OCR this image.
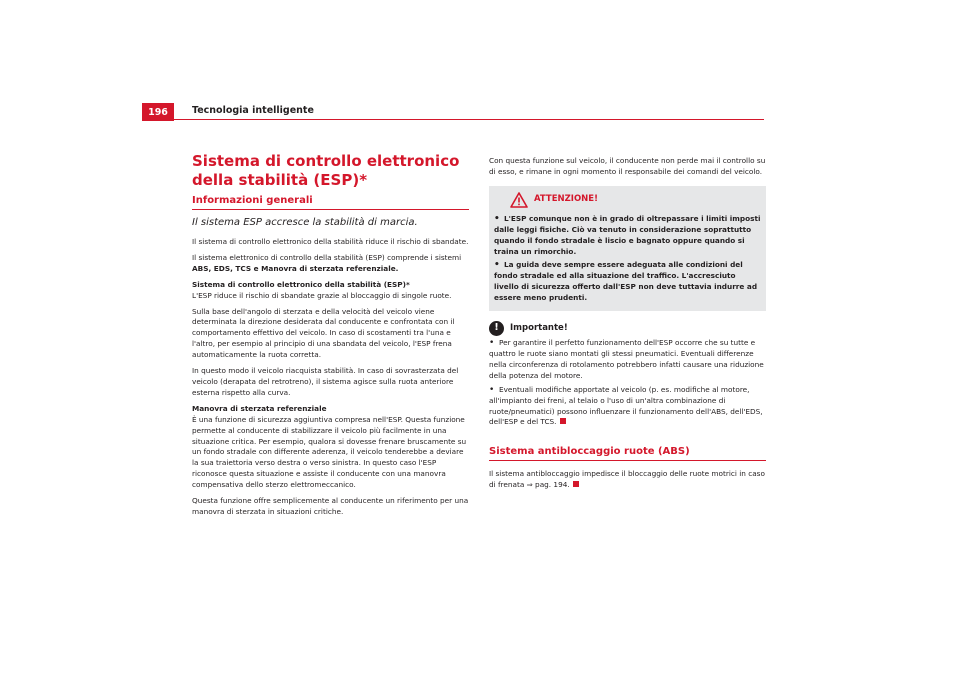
196	Tecnologia intelligente
Sistema di controllo elettronico della stabilità (ESP)*
Informazioni generali
Il sistema ESP accresce la stabilità di marcia.

Il sistema di controllo elettronico della stabilità riduce il rischio di sbandate.

Il sistema elettronico di controllo della stabilità (ESP) comprende i sistemi ABS, EDS, TCS e Manovra di sterzata referenziale.

Sistema di controllo elettronico della stabilità (ESP)*

L'ESP riduce il rischio di sbandate grazie al bloccaggio di singole ruote.

Sulla base dell'angolo di sterzata e della velocità del veicolo viene determinata la direzione desiderata dal conducente e confrontata con il comportamento effettivo del veicolo. In caso di scostamenti tra l'una e l'altro, per esempio al principio di una sbandata del veicolo, l'ESP frena automaticamente la ruota corretta.

In questo modo il veicolo riacquista stabilità. In caso di sovrasterzata del veicolo (derapata del retrotreno), il sistema agisce sulla ruota anteriore esterna rispetto alla curva.

Manovra di sterzata referenziale

È una funzione di sicurezza aggiuntiva compresa nell'ESP. Questa funzione permette al conducente di stabilizzare il veicolo più facilmente in una situazione critica. Per esempio, qualora si dovesse frenare bruscamente su un fondo stradale con differente aderenza, il veicolo tenderebbe a deviare la sua traiettoria verso destra o verso sinistra. In questo caso l'ESP riconosce questa situazione e assiste il conducente con una manovra compensativa dello sterzo elettromeccanico.

Questa funzione offre semplicemente al conducente un riferimento per una manovra di sterzata in situazioni critiche.

Con questa funzione sul veicolo, il conducente non perde mai il controllo su di esso, e rimane in ogni momento il responsabile dei comandi del veicolo.

ATTENZIONE!
• L'ESP comunque non è in grado di oltrepassare i limiti imposti dalle leggi fisiche. Ciò va tenuto in considerazione soprattutto quando il fondo stradale è liscio e bagnato oppure quando si traina un rimorchio.
• La guida deve sempre essere adeguata alle condizioni del fondo stradale ed alla situazione del traffico. L'accresciuto livello di sicurezza offerto dall'ESP non deve tuttavia indurre ad essere meno prudenti.
!	Importante!
• Per garantire il perfetto funzionamento dell'ESP occorre che su tutte e quattro le ruote siano montati gli stessi pneumatici. Eventuali differenze nella circonferenza di rotolamento potrebbero infatti causare una riduzione della potenza del motore.
• Eventuali modifiche apportate al veicolo (p. es. modifiche al motore, all'impianto dei freni, al telaio o l'uso di un'altra combinazione di ruote/pneumatici) possono influenzare il funzionamento dell'ABS, dell'EDS, dell'ESP e del TCS.
Sistema antibloccaggio ruote (ABS)

Il sistema antibloccaggio impedisce il bloccaggio delle ruote motrici in caso di frenata ⇒ pag. 194.
